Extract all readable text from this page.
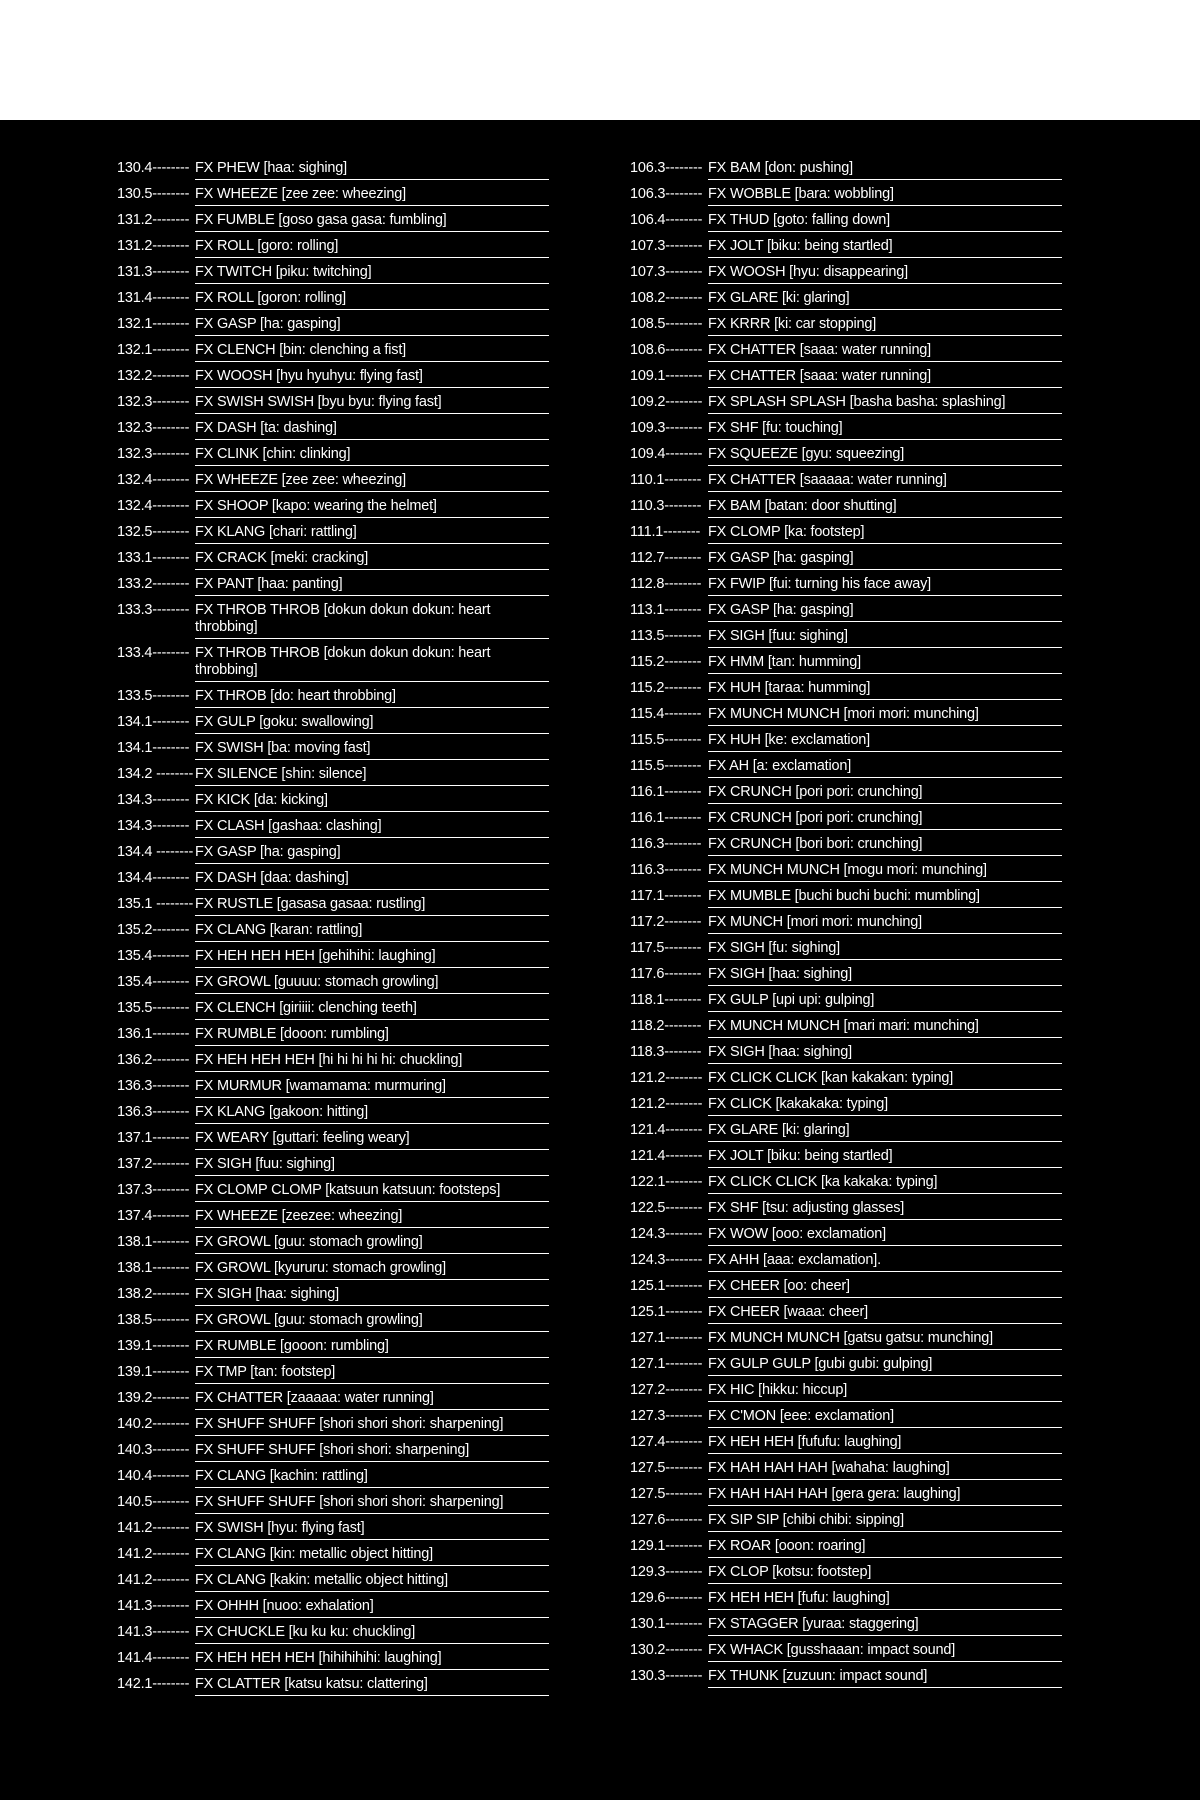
130.4-------- FX PHEW [haa: sighing]
130.5-------- FX WHEEZE [zee zee: wheezing]
131.2-------- FX FUMBLE [goso gasa gasa: fumbling]
131.2-------- FX ROLL [goro: rolling]
131.3-------- FX TWITCH [piku: twitching]
131.4-------- FX ROLL [goron: rolling]
132.1-------- FX GASP [ha: gasping]
132.1-------- FX CLENCH [bin: clenching a fist]
132.2-------- FX WOOSH [hyu hyuhyu: flying fast]
132.3-------- FX SWISH SWISH [byu byu: flying fast]
132.3-------- FX DASH [ta: dashing]
132.3-------- FX CLINK [chin: clinking]
132.4-------- FX WHEEZE [zee zee: wheezing]
132.4-------- FX SHOOP [kapo: wearing the helmet]
132.5-------- FX KLANG [chari: rattling]
133.1-------- FX CRACK [meki: cracking]
133.2-------- FX PANT [haa: panting]
133.3-------- FX THROB THROB [dokun dokun dokun: heart throbbing]
133.4-------- FX THROB THROB [dokun dokun dokun: heart throbbing]
133.5-------- FX THROB [do: heart throbbing]
134.1-------- FX GULP [goku: swallowing]
134.1-------- FX SWISH [ba: moving fast]
134.2 -------- FX SILENCE [shin: silence]
134.3-------- FX KICK [da: kicking]
134.3-------- FX CLASH [gashaa: clashing]
134.4 -------- FX GASP [ha: gasping]
134.4-------- FX DASH [daa: dashing]
135.1 -------- FX RUSTLE [gasasa gasaa: rustling]
135.2-------- FX CLANG [karan: rattling]
135.4-------- FX HEH HEH HEH [gehihihi: laughing]
135.4-------- FX GROWL [guuuu: stomach growling]
135.5-------- FX CLENCH [giriiii: clenching teeth]
136.1-------- FX RUMBLE [dooon: rumbling]
136.2-------- FX HEH HEH HEH [hi hi hi hi hi: chuckling]
136.3-------- FX MURMUR [wamamama: murmuring]
136.3-------- FX KLANG [gakoon: hitting]
137.1-------- FX WEARY [guttari: feeling weary]
137.2-------- FX SIGH [fuu: sighing]
137.3-------- FX CLOMP CLOMP [katsuun katsuun: footsteps]
137.4-------- FX WHEEZE [zeezee: wheezing]
138.1-------- FX GROWL [guu: stomach growling]
138.1-------- FX GROWL [kyururu: stomach growling]
138.2-------- FX SIGH [haa: sighing]
138.5-------- FX GROWL [guu: stomach growling]
139.1-------- FX RUMBLE [gooon: rumbling]
139.1-------- FX TMP [tan: footstep]
139.2-------- FX CHATTER [zaaaaa: water running]
140.2-------- FX SHUFF SHUFF [shori shori shori: sharpening]
140.3-------- FX SHUFF SHUFF [shori shori: sharpening]
140.4-------- FX CLANG [kachin: rattling]
140.5-------- FX SHUFF SHUFF [shori shori shori: sharpening]
141.2-------- FX SWISH [hyu: flying fast]
141.2-------- FX CLANG [kin: metallic object hitting]
141.2-------- FX CLANG [kakin: metallic object hitting]
141.3-------- FX OHHH [nuoo: exhalation]
141.3-------- FX CHUCKLE [ku ku ku: chuckling]
141.4-------- FX HEH HEH HEH [hihihihihi: laughing]
142.1-------- FX CLATTER [katsu katsu: clattering]
106.3-------- FX BAM [don: pushing]
106.3-------- FX WOBBLE [bara: wobbling]
106.4-------- FX THUD [goto: falling down]
107.3-------- FX JOLT [biku: being startled]
107.3-------- FX WOOSH [hyu: disappearing]
108.2-------- FX GLARE [ki: glaring]
108.5-------- FX KRRR [ki: car stopping]
108.6-------- FX CHATTER [saaa: water running]
109.1-------- FX CHATTER [saaa: water running]
109.2-------- FX SPLASH SPLASH [basha basha: splashing]
109.3-------- FX SHF [fu: touching]
109.4-------- FX SQUEEZE [gyu: squeezing]
110.1-------- FX CHATTER [saaaaa: water running]
110.3-------- FX BAM [batan: door shutting]
111.1-------- FX CLOMP [ka: footstep]
112.7-------- FX GASP [ha: gasping]
112.8-------- FX FWIP [fui: turning his face away]
113.1-------- FX GASP [ha: gasping]
113.5-------- FX SIGH [fuu: sighing]
115.2-------- FX HMM [tan: humming]
115.2-------- FX HUH [taraa: humming]
115.4-------- FX MUNCH MUNCH [mori mori: munching]
115.5-------- FX HUH [ke: exclamation]
115.5-------- FX AH [a: exclamation]
116.1-------- FX CRUNCH [pori pori: crunching]
116.1-------- FX CRUNCH [pori pori: crunching]
116.3-------- FX CRUNCH [bori bori: crunching]
116.3-------- FX MUNCH MUNCH [mogu mori: munching]
117.1-------- FX MUMBLE [buchi buchi buchi: mumbling]
117.2-------- FX MUNCH [mori mori: munching]
117.5-------- FX SIGH [fu: sighing]
117.6-------- FX SIGH [haa: sighing]
118.1-------- FX GULP [upi upi: gulping]
118.2-------- FX MUNCH MUNCH [mari mari: munching]
118.3-------- FX SIGH [haa: sighing]
121.2-------- FX CLICK CLICK [kan kakakan: typing]
121.2-------- FX CLICK [kakakaka: typing]
121.4-------- FX GLARE [ki: glaring]
121.4-------- FX JOLT [biku: being startled]
122.1-------- FX CLICK CLICK [ka kakaka: typing]
122.5-------- FX SHF [tsu: adjusting glasses]
124.3-------- FX WOW [ooo: exclamation]
124.3-------- FX AHH [aaa: exclamation].
125.1-------- FX CHEER [oo: cheer]
125.1-------- FX CHEER [waaa: cheer]
127.1-------- FX MUNCH MUNCH [gatsu gatsu: munching]
127.1-------- FX GULP GULP [gubi gubi: gulping]
127.2-------- FX HIC [hikku: hiccup]
127.3-------- FX C'MON [eee: exclamation]
127.4-------- FX HEH HEH [fufufu: laughing]
127.5-------- FX HAH HAH HAH [wahaha: laughing]
127.5-------- FX HAH HAH HAH [gera gera: laughing]
127.6-------- FX SIP SIP [chibi chibi: sipping]
129.1-------- FX ROAR [ooon: roaring]
129.3-------- FX CLOP [kotsu: footstep]
129.6-------- FX HEH HEH [fufu: laughing]
130.1-------- FX STAGGER [yuraa: staggering]
130.2-------- FX WHACK [gusshaaan: impact sound]
130.3-------- FX THUNK [zuzuun: impact sound]
